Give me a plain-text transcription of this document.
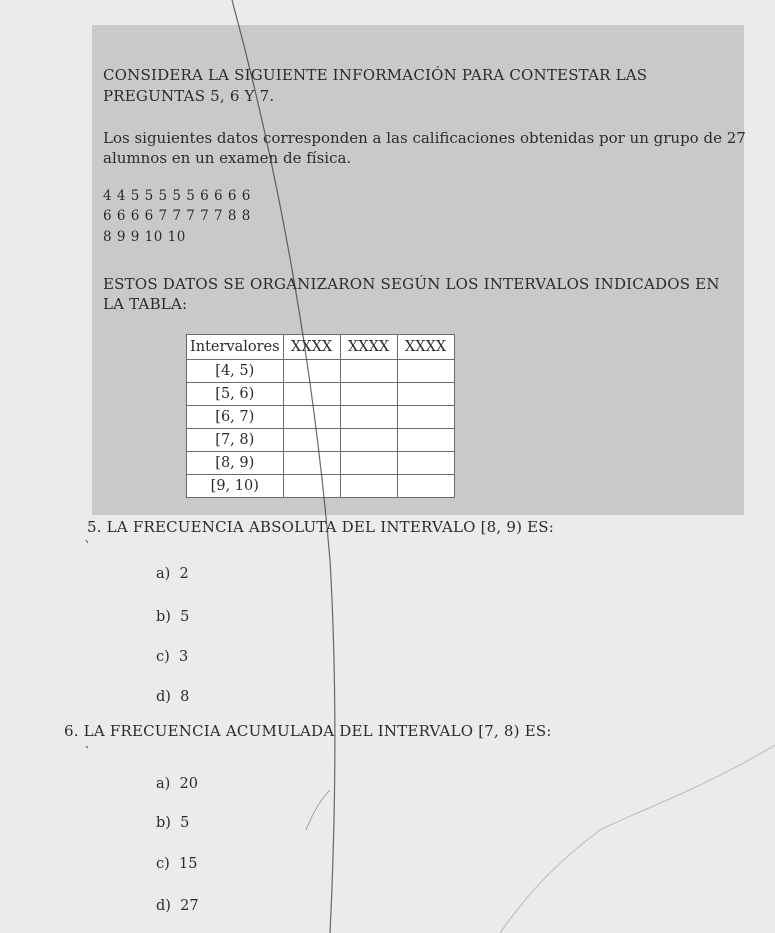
CONSIDERA LA SIGUIENTE INFORMACIÓN PARA CONTESTAR LAS
PREGUNTAS 5, 6 Y 7.
Los siguientes datos corresponden a las calificaciones obtenidas por un grupo de 27
alumnos en un examen de física.
4 4 5 5 5 5 5 6 6 6 6
6 6 6 6 7 7 7 7 7 8 8
8 9 9 10 10
ESTOS DATOS SE ORGANIZARON SEGÚN LOS INTERVALOS INDICADOS EN
LA TABLA:
Intervalores	XXXX	XXXX	XXXX
[4, 5)			
[5, 6)			
[6, 7)			
[7, 8)			
[8, 9)			
[9, 10)			
5. LA FRECUENCIA ABSOLUTA DEL INTERVALO [8, 9) ES:
a) 2
b) 5
c) 3
d) 8
6. LA FRECUENCIA ACUMULADA DEL INTERVALO [7, 8) ES:
a) 20
b) 5
c) 15
d) 27
